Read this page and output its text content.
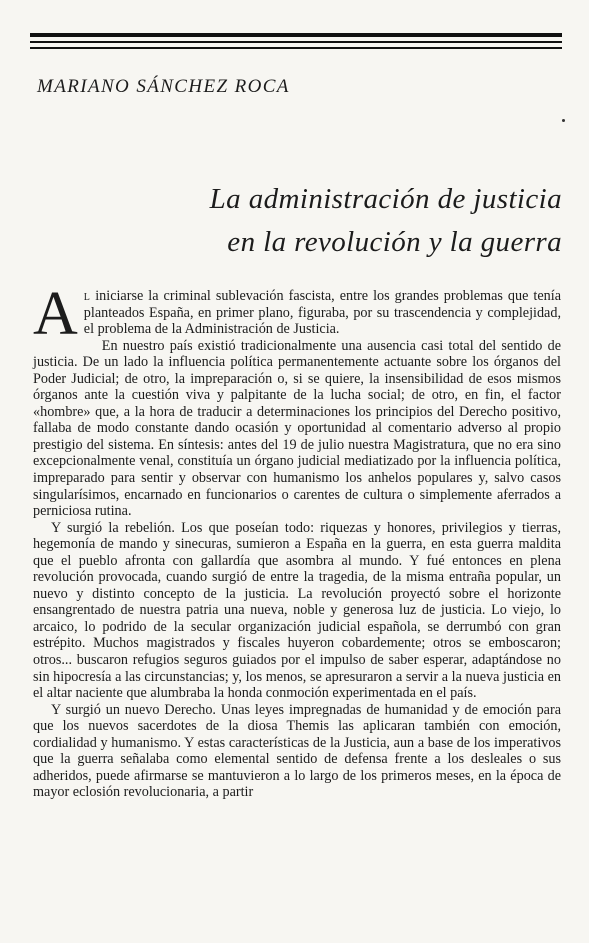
MARIANO SÁNCHEZ ROCA
La administración de justicia
en la revolución y la guerra

Al iniciarse la criminal sublevación fascista, entre los grandes problemas que tenía planteados España, en primer plano, figuraba, por su trascendencia y complejidad, el problema de la Administración de Justicia.

En nuestro país existió tradicionalmente una ausencia casi total del sentido de justicia. De un lado la influencia política permanentemente actuante sobre los órganos del Poder Judicial; de otro, la impreparación o, si se quiere, la insensibilidad de esos mismos órganos ante la cuestión viva y palpitante de la lucha social; de otro, en fin, el factor «hombre» que, a la hora de traducir a determinaciones los principios del Derecho positivo, fallaba de modo constante dando ocasión y oportunidad al comentario adverso al propio prestigio del sistema. En síntesis: antes del 19 de julio nuestra Magistratura, que no era sino excepcionalmente venal, constituía un órgano judicial mediatizado por la influencia política, impreparado para sentir y observar con humanismo los anhelos populares y, salvo casos singularísimos, encarnado en funcionarios o carentes de cultura o simplemente aferrados a perniciosa rutina.

Y surgió la rebelión. Los que poseían todo: riquezas y honores, privilegios y tierras, hegemonía de mando y sinecuras, sumieron a España en la guerra, en esta guerra maldita que el pueblo afronta con gallardía que asombra al mundo. Y fué entonces en plena revolución provocada, cuando surgió de entre la tragedia, de la misma entraña popular, un nuevo y distinto concepto de la justicia. La revolución proyectó sobre el horizonte ensangrentado de nuestra patria una nueva, noble y generosa luz de justicia. Lo viejo, lo arcaico, lo podrido de la secular organización judicial española, se derrumbó con gran estrépito. Muchos magistrados y fiscales huyeron cobardemente; otros se emboscaron; otros... buscaron refugios seguros guiados por el impulso de saber esperar, adaptándose no sin hipocresía a las circunstancias; y, los menos, se apresuraron a servir a la nueva justicia en el altar naciente que alumbraba la honda conmoción experimentada en el país.

Y surgió un nuevo Derecho. Unas leyes impregnadas de humanidad y de emoción para que los nuevos sacerdotes de la diosa Themis las aplicaran también con emoción, cordialidad y humanismo. Y estas características de la Justicia, aun a base de los imperativos que la guerra señalaba como elemental sentido de defensa frente a los desleales o sus adheridos, puede afirmarse se mantuvieron a lo largo de los primeros meses, en la época de mayor eclosión revolucionaria, a partir
